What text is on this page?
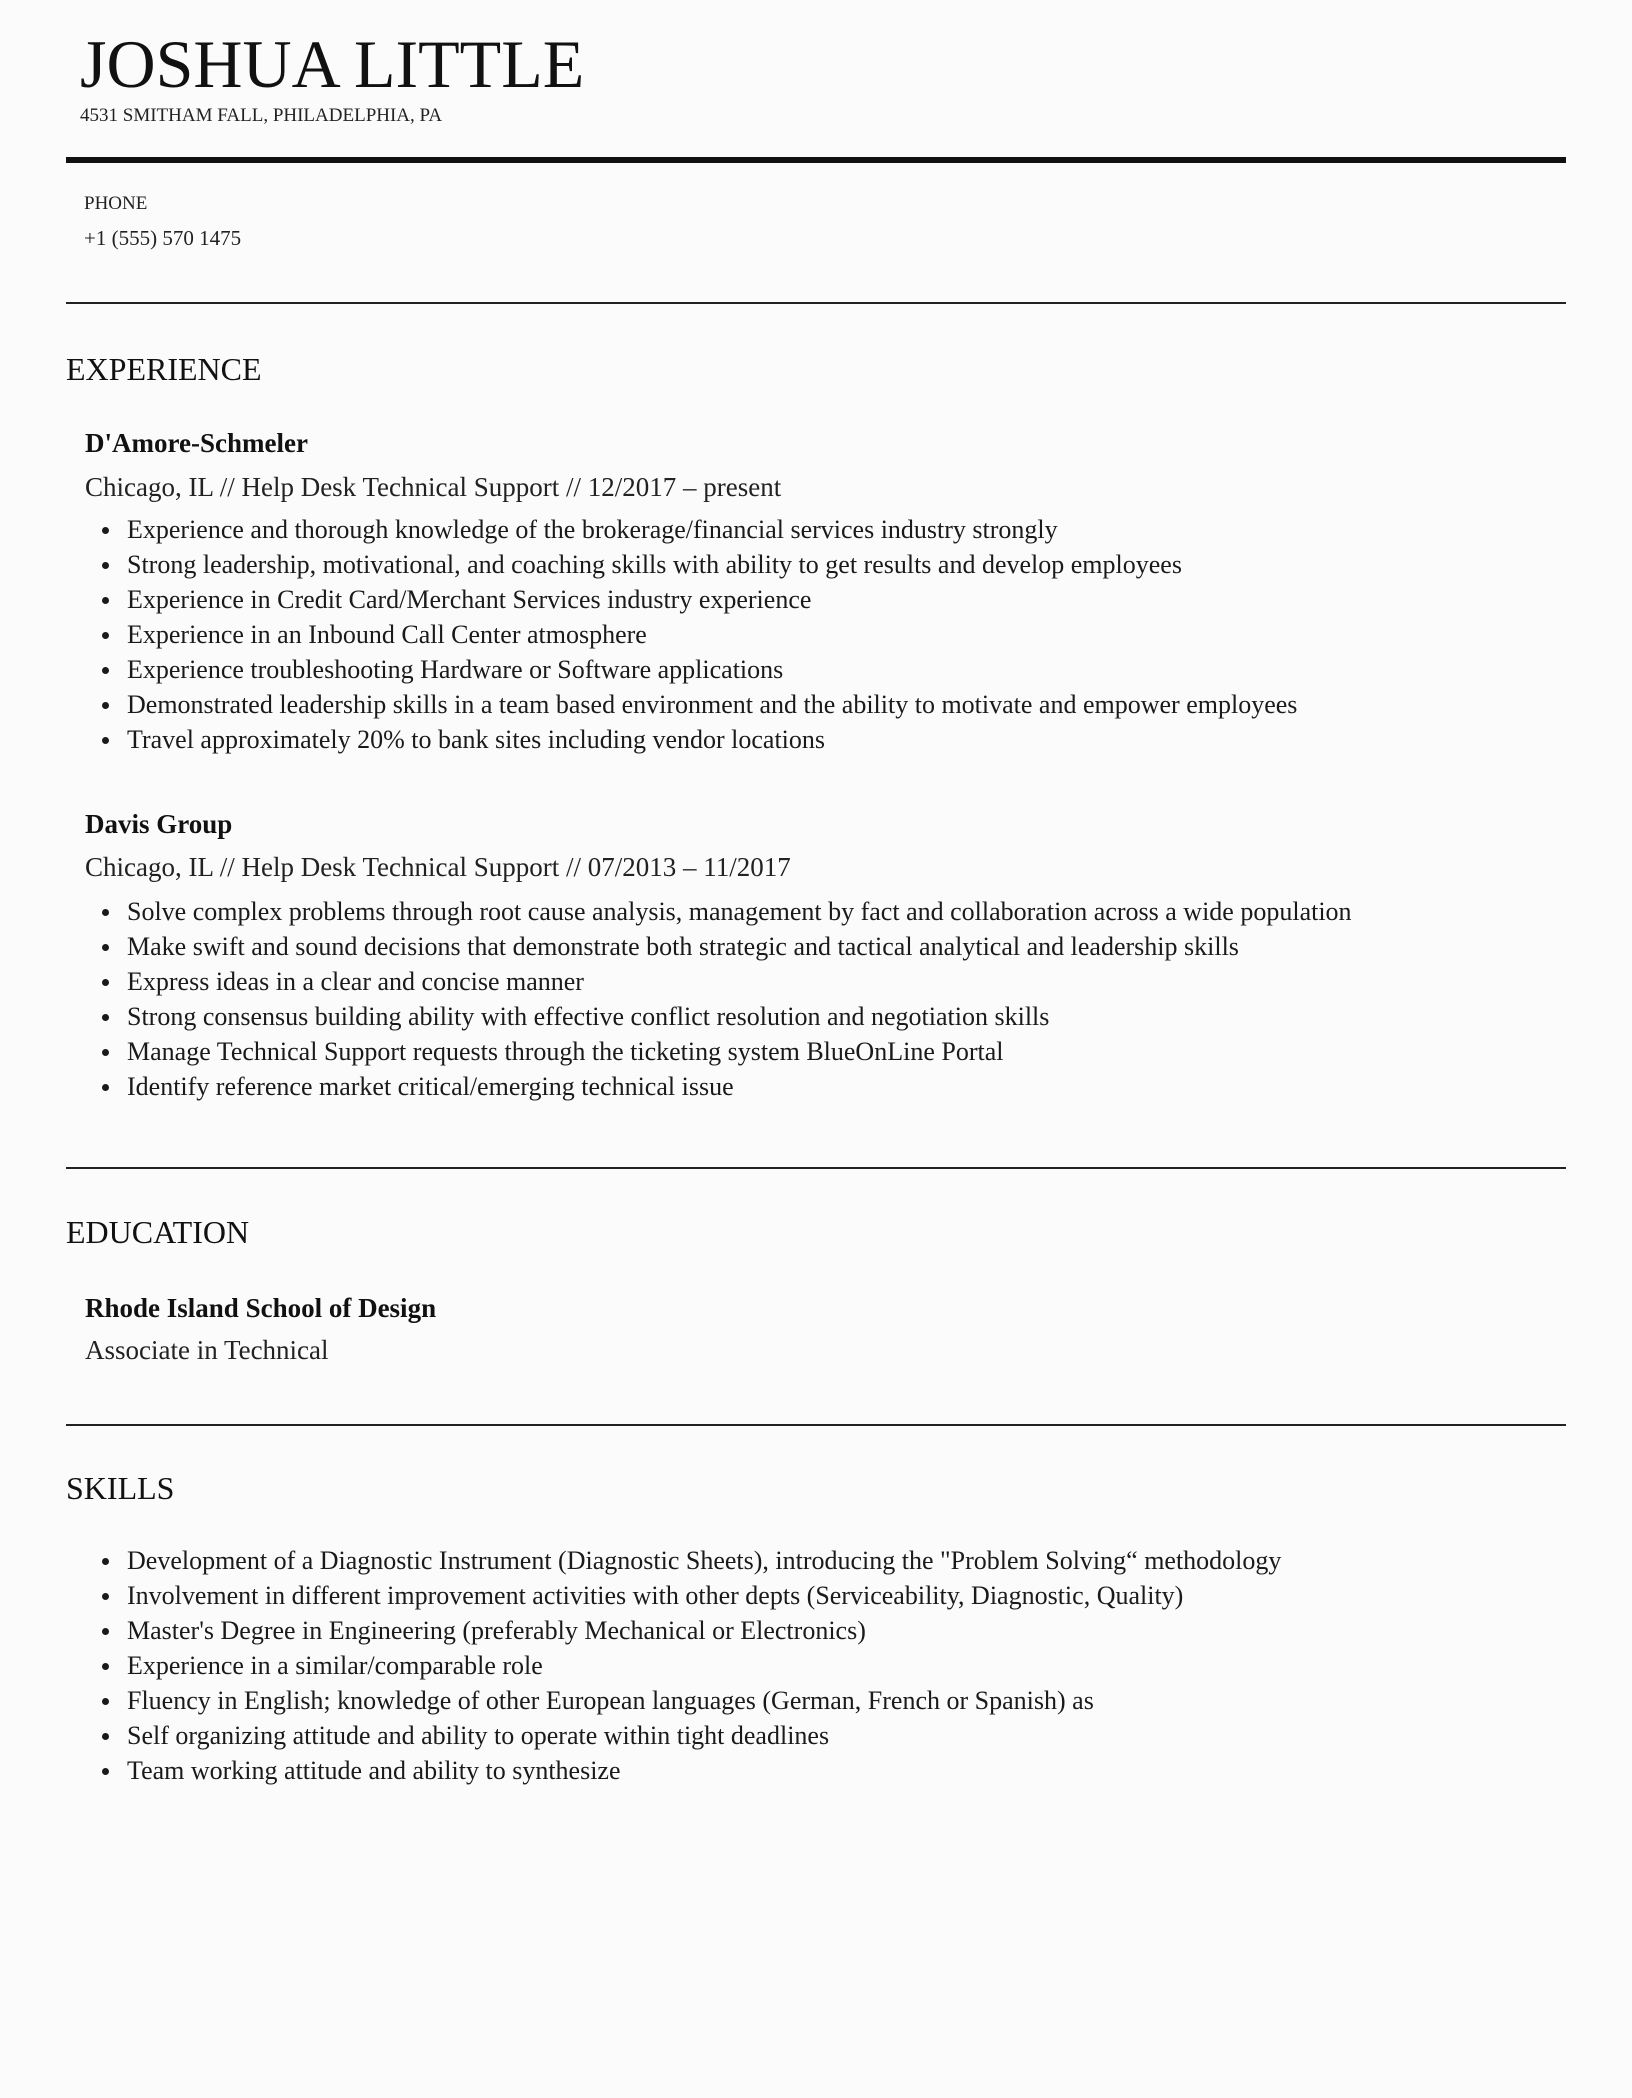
JOSHUA LITTLE
4531 SMITHAM FALL, PHILADELPHIA, PA
PHONE
+1 (555) 570 1475
EXPERIENCE
D'Amore-Schmeler
Chicago, IL // Help Desk Technical Support // 12/2017 – present
Experience and thorough knowledge of the brokerage/financial services industry strongly
Strong leadership, motivational, and coaching skills with ability to get results and develop employees
Experience in Credit Card/Merchant Services industry experience
Experience in an Inbound Call Center atmosphere
Experience troubleshooting Hardware or Software applications
Demonstrated leadership skills in a team based environment and the ability to motivate and empower employees
Travel approximately 20% to bank sites including vendor locations
Davis Group
Chicago, IL // Help Desk Technical Support // 07/2013 – 11/2017
Solve complex problems through root cause analysis, management by fact and collaboration across a wide population
Make swift and sound decisions that demonstrate both strategic and tactical analytical and leadership skills
Express ideas in a clear and concise manner
Strong consensus building ability with effective conflict resolution and negotiation skills
Manage Technical Support requests through the ticketing system BlueOnLine Portal
Identify reference market critical/emerging technical issue
EDUCATION
Rhode Island School of Design
Associate in Technical
SKILLS
Development of a Diagnostic Instrument (Diagnostic Sheets), introducing the "Problem Solving“ methodology
Involvement in different improvement activities with other depts (Serviceability, Diagnostic, Quality)
Master's Degree in Engineering (preferably Mechanical or Electronics)
Experience in a similar/comparable role
Fluency in English; knowledge of other European languages (German, French or Spanish) as
Self organizing attitude and ability to operate within tight deadlines
Team working attitude and ability to synthesize
